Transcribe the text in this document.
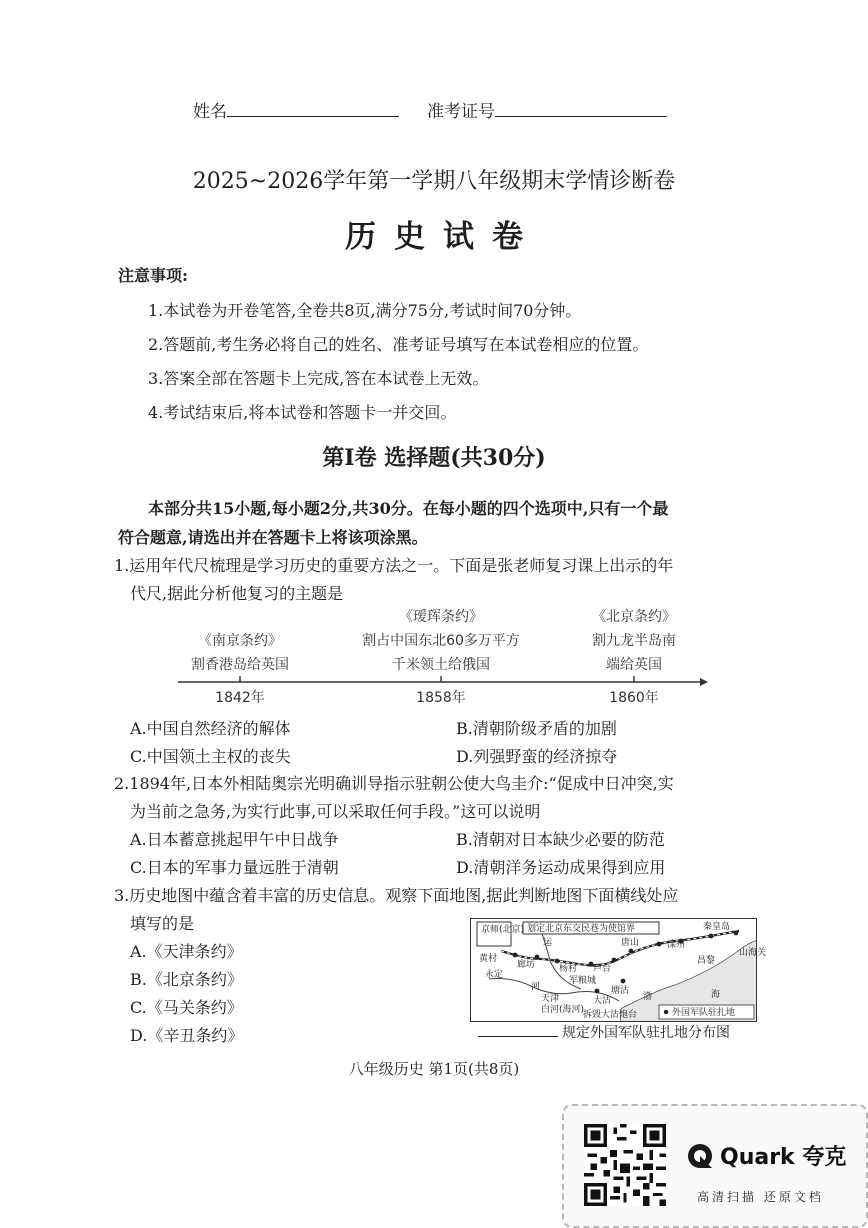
姓名	准考证号
2025~2026学年第一学期八年级期末学情诊断卷
历史试卷
注意事项:
1.本试卷为开卷笔答,全卷共8页,满分75分,考试时间70分钟。
2.答题前,考生务必将自己的姓名、准考证号填写在本试卷相应的位置。
3.答案全部在答题卡上完成,答在本试卷上无效。
4.考试结束后,将本试卷和答题卡一并交回。
第Ⅰ卷 选择题(共30分)
本部分共15小题,每小题2分,共30分。在每小题的四个选项中,只有一个最
符合题意,请选出并在答题卡上将该项涂黑。
1.运用年代尺梳理是学习历史的重要方法之一。下面是张老师复习课上出示的年
代尺,据此分析他复习的主题是
《南京条约》
割香港岛给英国
1842年
《瑷珲条约》
割占中国东北60多万平方
千米领土给俄国
1858年
《北京条约》
割九龙半岛南
端给英国
1860年
A.中国自然经济的解体	B.清朝阶级矛盾的加剧
C.中国领土主权的丧失	D.列强野蛮的经济掠夺
2.1894年,日本外相陆奥宗光明确训导指示驻朝公使大鸟圭介:“促成中日冲突,实
为当前之急务,为实行此事,可以采取任何手段。”这可以说明
A.日本蓄意挑起甲午中日战争	B.清朝对日本缺少必要的防范
C.日本的军事力量远胜于清朝	D.清朝洋务运动成果得到应用
3.历史地图中蕴含着丰富的历史信息。观察下面地图,据此判断地图下面横线处应
填写的是
A.《天津条约》
B.《北京条约》
C.《马关条约》
D.《辛丑条约》
划定北京东交民巷为使馆界
京师(北京)
运
廊坊
黄村
杨村 芦台
唐山	滦州
秦皇岛
昌黎
山海关
永定
河
军粮城
塘沽
天津
白河(海河)
大沽	渤	海
拆毁大沽炮台	外国军队驻扎地
规定外国军队驻扎地分布图
八年级历史 第1页(共8页)
Quark 夸克
高清扫描 还原文档
